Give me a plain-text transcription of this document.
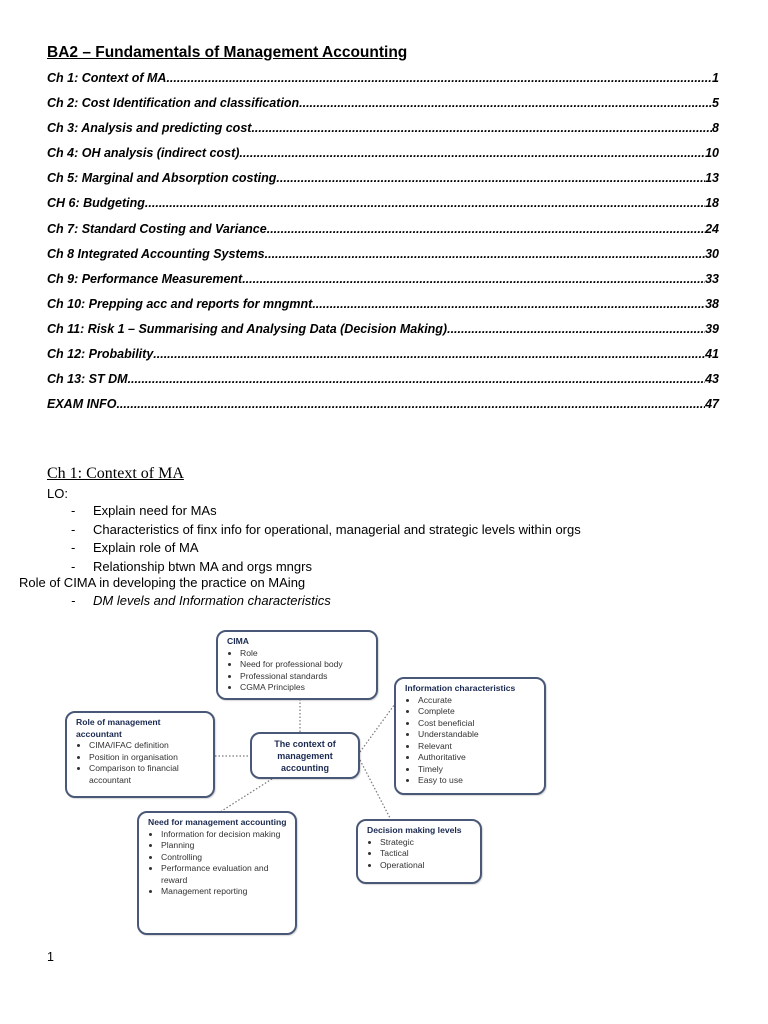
BA2 – Fundamentals of Management Accounting
Ch 1: Context of MA .....	1
Ch 2: Cost Identification and classification .....	5
Ch 3: Analysis and predicting cost .....	8
Ch 4: OH analysis (indirect cost) .....	10
Ch 5: Marginal and Absorption costing .....	13
CH 6: Budgeting .....	18
Ch 7: Standard Costing and Variance .....	24
Ch 8 Integrated Accounting Systems .....	30
Ch 9: Performance Measurement .....	33
Ch 10: Prepping acc and reports for mngmnt .....	38
Ch 11: Risk 1 – Summarising and Analysing Data (Decision Making) .....	39
Ch 12: Probability .....	41
Ch 13: ST DM .....	43
EXAM INFO .....	47
Ch 1: Context of MA
LO:
- Explain need for MAs
- Characteristics of finx info for operational, managerial and strategic levels within orgs
- Explain role of MA
- Relationship btwn MA and orgs mngrs
Role of CIMA in developing the practice on MAing
- DM levels and Information characteristics
CIMA
• Role
• Need for professional body
• Professional standards
• CGMA Principles	Information characteristics
• Accurate
• Complete
• Cost beneficial
• Understandable
• Relevant
• Authoritative
• Timely
• Easy to use
Role of management accountant
• CIMA/IFAC definition
• Position in organisation
• Comparison to financial accountant
The context of management accounting
Need for management accounting
• Information for decision making
• Planning
• Controlling
• Performance evaluation and reward
• Management reporting
Decision making levels
• Strategic
• Tactical
• Operational
1
